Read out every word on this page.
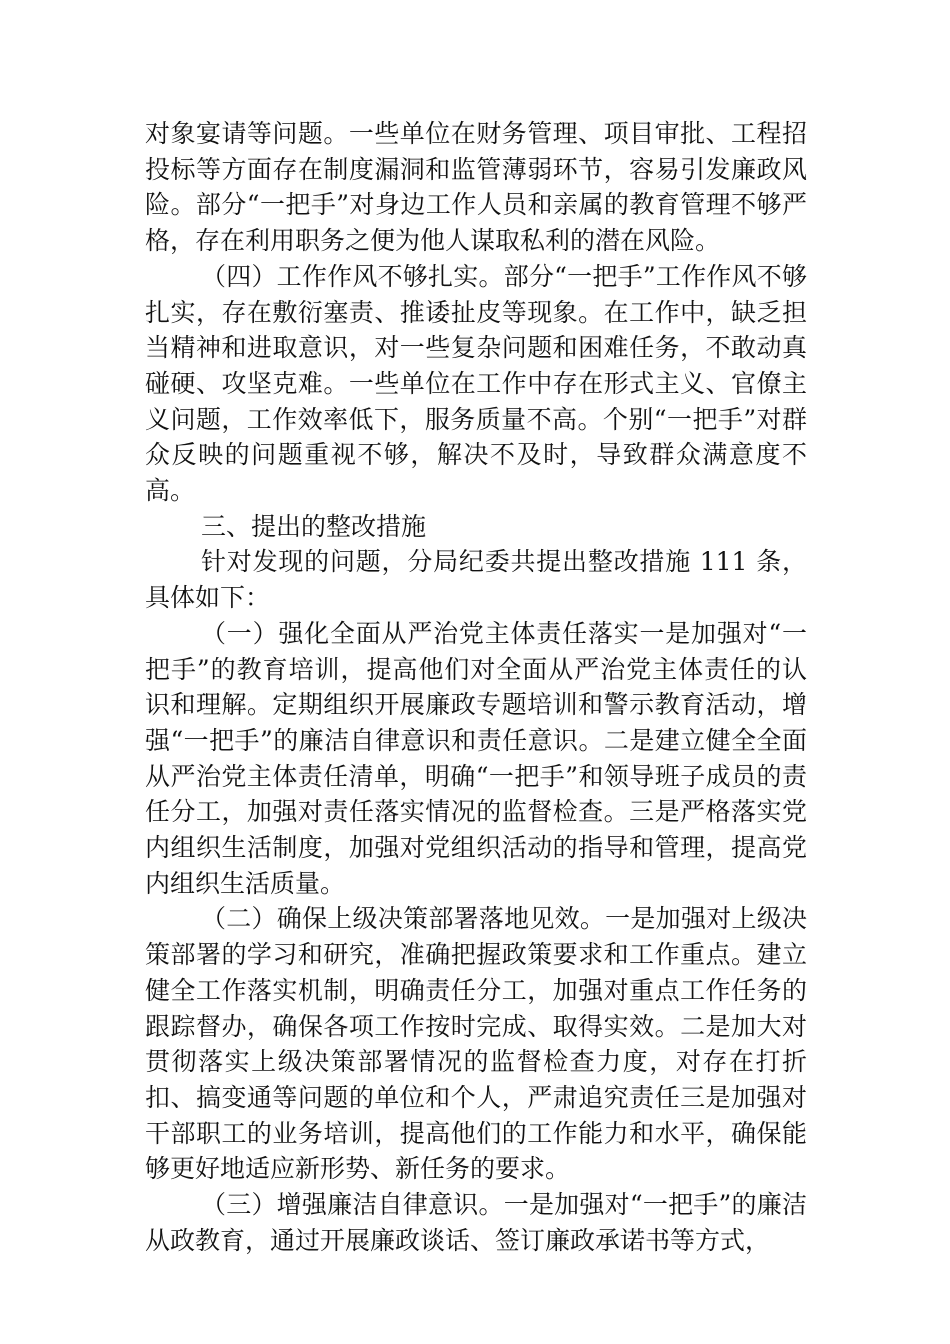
对象宴请等问题。一些单位在财务管理、项目审批、工程招投标等方面存在制度漏洞和监管薄弱环节，容易引发廉政风险。部分“一把手”对身边工作人员和亲属的教育管理不够严格，存在利用职务之便为他人谋取私利的潜在风险。

（四）工作作风不够扎实。部分“一把手”工作作风不够扎实，存在敷衍塞责、推诿扯皮等现象。在工作中，缺乏担当精神和进取意识，对一些复杂问题和困难任务，不敢动真碰硬、攻坚克难。一些单位在工作中存在形式主义、官僚主义问题，工作效率低下，服务质量不高。个别“一把手”对群众反映的问题重视不够，解决不及时，导致群众满意度不高。

三、提出的整改措施

针对发现的问题，分局纪委共提出整改措施 111 条，具体如下：

（一）强化全面从严治党主体责任落实一是加强对“一把手”的教育培训，提高他们对全面从严治党主体责任的认识和理解。定期组织开展廉政专题培训和警示教育活动，增强“一把手”的廉洁自律意识和责任意识。二是建立健全全面从严治党主体责任清单，明确“一把手”和领导班子成员的责任分工，加强对责任落实情况的监督检查。三是严格落实党内组织生活制度，加强对党组织活动的指导和管理，提高党内组织生活质量。

（二）确保上级决策部署落地见效。一是加强对上级决策部署的学习和研究，准确把握政策要求和工作重点。建立健全工作落实机制，明确责任分工，加强对重点工作任务的跟踪督办，确保各项工作按时完成、取得实效。二是加大对贯彻落实上级决策部署情况的监督检查力度，对存在打折扣、搞变通等问题的单位和个人，严肃追究责任三是加强对干部职工的业务培训，提高他们的工作能力和水平，确保能够更好地适应新形势、新任务的要求。

（三）增强廉洁自律意识。一是加强对“一把手”的廉洁从政教育，通过开展廉政谈话、签订廉政承诺书等方式，
